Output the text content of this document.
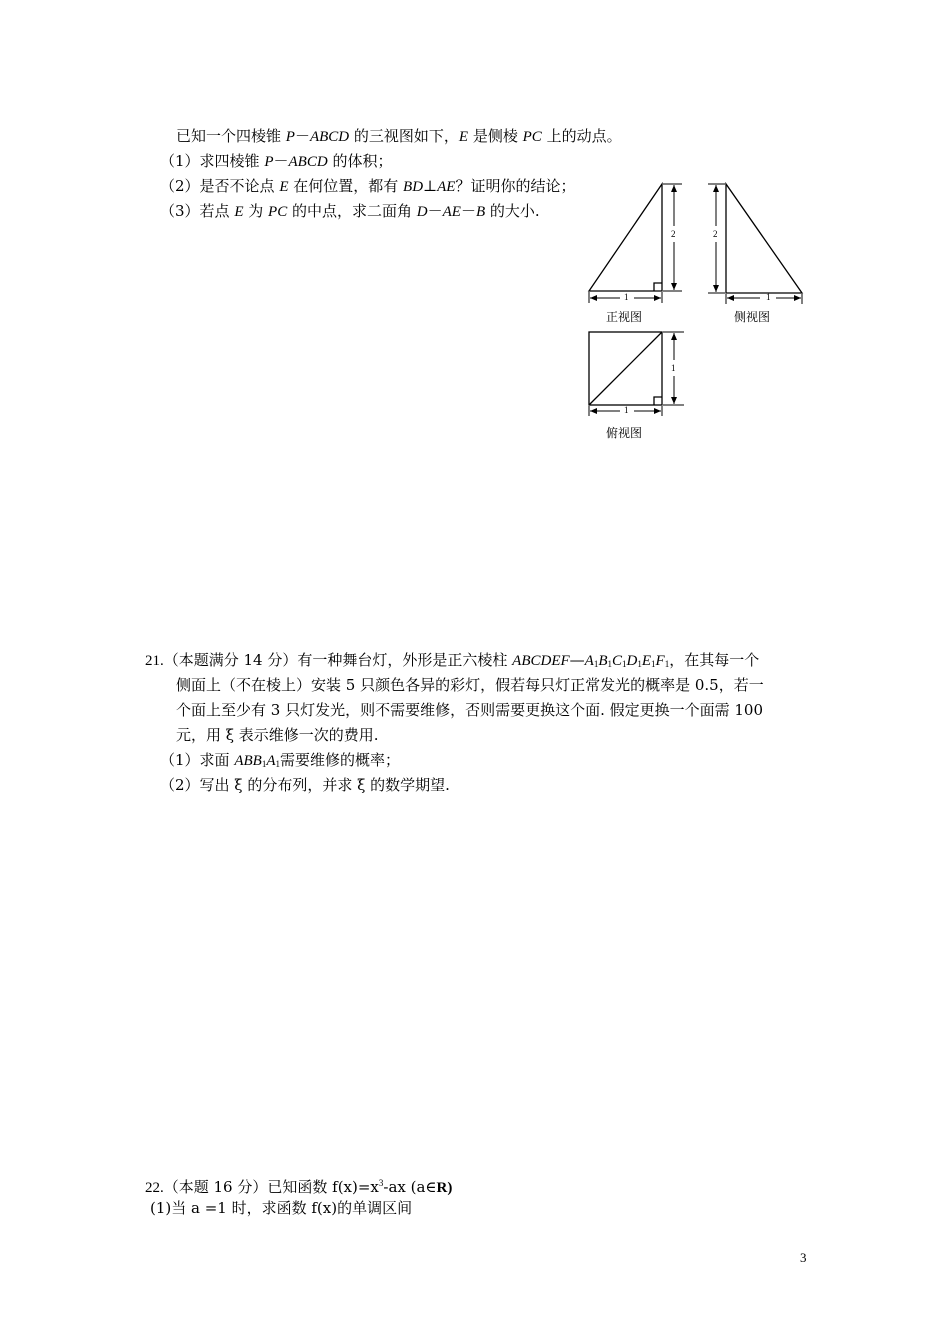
已知一个四棱锥 P－ABCD 的三视图如下，E 是侧棱 PC 上的动点。
（1）求四棱锥 P－ABCD 的体积；
（2）是否不论点 E 在何位置，都有 BD⊥AE？证明你的结论；
（3）若点 E 为 PC 的中点，求二面角 D－AE－B 的大小.
2
1
2
1
1
1
正视图	侧视图
俯视图
21.（本题满分 14 分）有一种舞台灯，外形是正六棱柱 $ABCDEF—A_1B_1C_1D_1E_1F_1$，在其每一个
侧面上（不在棱上）安装 5 只颜色各异的彩灯，假若每只灯正常发光的概率是 0.5，若一
个面上至少有 3 只灯发光，则不需要维修，否则需要更换这个面. 假定更换一个面需 100
元，用 ξ 表示维修一次的费用.
（1）求面 $ABB_1A_1$需要维修的概率；
（2）写出 ξ 的分布列，并求 ξ 的数学期望.
22.（本题 16 分）已知函数 $f(x)=x^3-ax$ (a∈R)
(1)当 a =1 时，求函数 f(x)的单调区间
3
